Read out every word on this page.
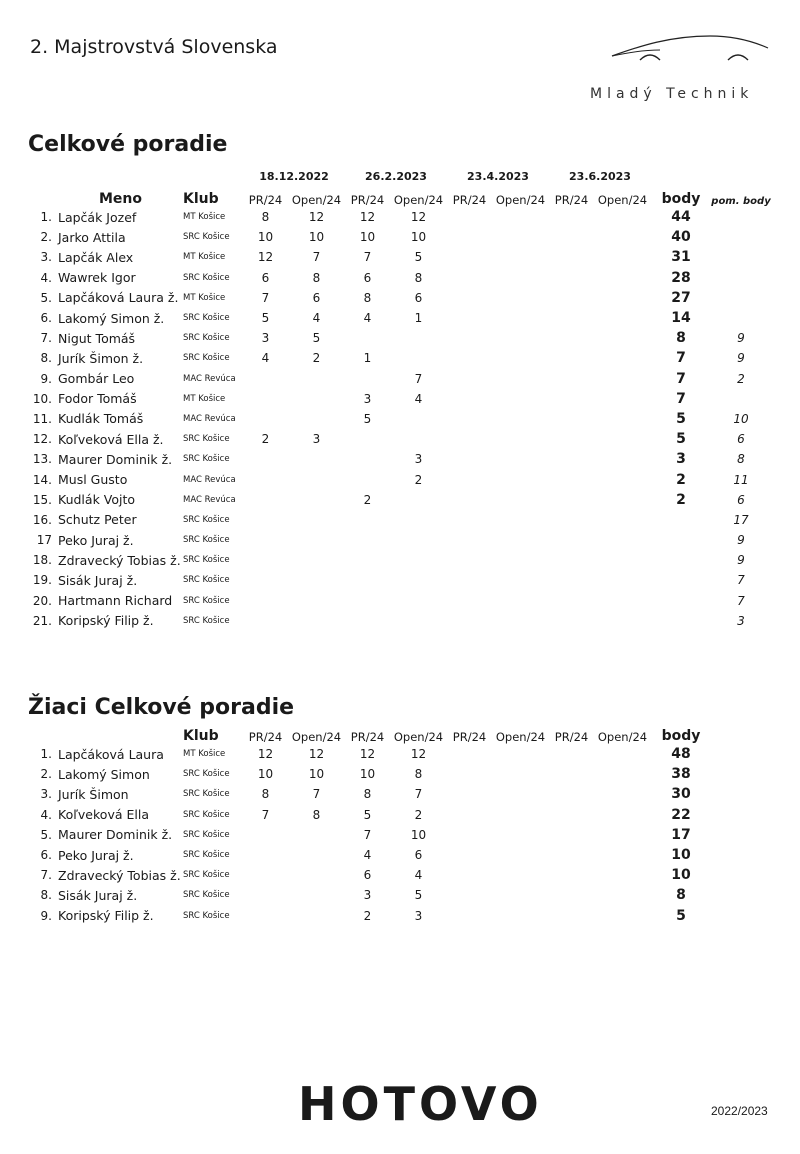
2. Majstrovstvá Slovenska
Mladý Technik
Celkové poradie
			18.12.2022		26.2.2023		23.4.2023		23.6.2023			
	Meno	Klub	PR/24	Open/24	PR/24	Open/24	PR/24	Open/24	PR/24	Open/24	body	pom. body
1.	Lapčák Jozef	MT Košice	8	12	12	12					44	
2.	Jarko Attila	SRC Košice	10	10	10	10					40	
3.	Lapčák Alex	MT Košice	12	7	7	5					31	
4.	Wawrek Igor	SRC Košice	6	8	6	8					28	
5.	Lapčáková Laura ž.	MT Košice	7	6	8	6					27	
6.	Lakomý Simon ž.	SRC Košice	5	4	4	1					14	
7.	Nigut Tomáš	SRC Košice	3	5							8	9
8.	Jurík Šimon ž.	SRC Košice	4	2	1						7	9
9.	Gombár Leo	MAC Revúca				7					7	2
10.	Fodor Tomáš	MT Košice			3	4					7	
11.	Kudlák Tomáš	MAC Revúca			5						5	10
12.	Koľveková Ella ž.	SRC Košice	2	3							5	6
13.	Maurer Dominik ž.	SRC Košice				3					3	8
14.	Musl Gusto	MAC Revúca				2					2	11
15.	Kudlák Vojto	MAC Revúca			2						2	6
16.	Schutz Peter	SRC Košice										17
17	Peko Juraj ž.	SRC Košice										9
18.	Zdravecký Tobias ž.	SRC Košice										9
19.	Sisák Juraj ž.	SRC Košice										7
20.	Hartmann Richard	SRC Košice										7
21.	Koripský Filip ž.	SRC Košice										3
Žiaci Celkové poradie
		Klub	PR/24	Open/24	PR/24	Open/24	PR/24	Open/24	PR/24	Open/24	body	
1.	Lapčáková Laura	MT Košice	12	12	12	12					48	
2.	Lakomý Simon	SRC Košice	10	10	10	8					38	
3.	Jurík Šimon	SRC Košice	8	7	8	7					30	
4.	Koľveková Ella	SRC Košice	7	8	5	2					22	
5.	Maurer Dominik ž.	SRC Košice			7	10					17	
6.	Peko Juraj ž.	SRC Košice			4	6					10	
7.	Zdravecký Tobias ž.	SRC Košice			6	4					10	
8.	Sisák Juraj ž.	SRC Košice			3	5					8	
9.	Koripský Filip ž.	SRC Košice			2	3					5	
HOTOVO	2022/2023
